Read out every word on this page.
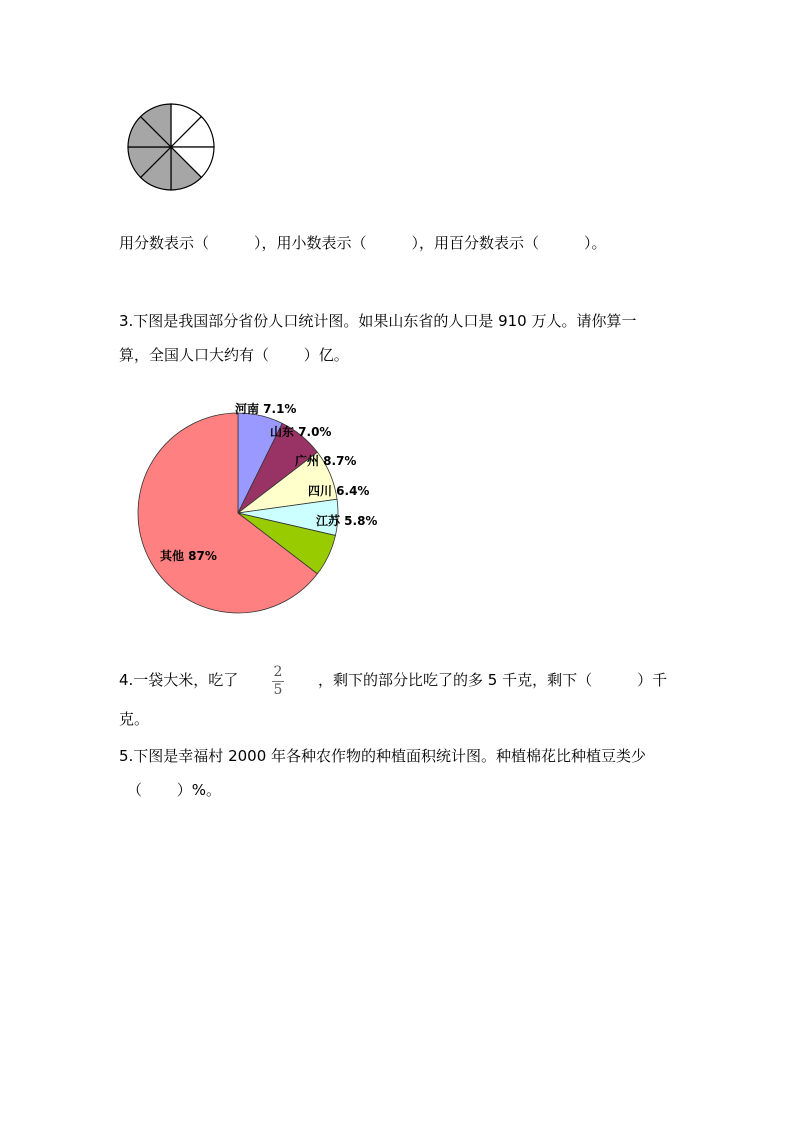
用分数表示（　　　），用小数表示（　　　），用百分数表示（　　　）。
3.下图是我国部分省份人口统计图。如果山东省的人口是 910 万人。请你算一
算，全国人口大约有（　　 ）亿。
河南 7.1%
山东 7.0%
广州 8.7%
四川 6.4%
江苏 5.8%
其他 87%
4.一袋大米，吃了	2
5
，剩下的部分比吃了的多 5 千克，剩下（　　　）千
克。
5.下图是幸福村 2000 年各种农作物的种植面积统计图。种植棉花比种植豆类少
（　　 ）%。
